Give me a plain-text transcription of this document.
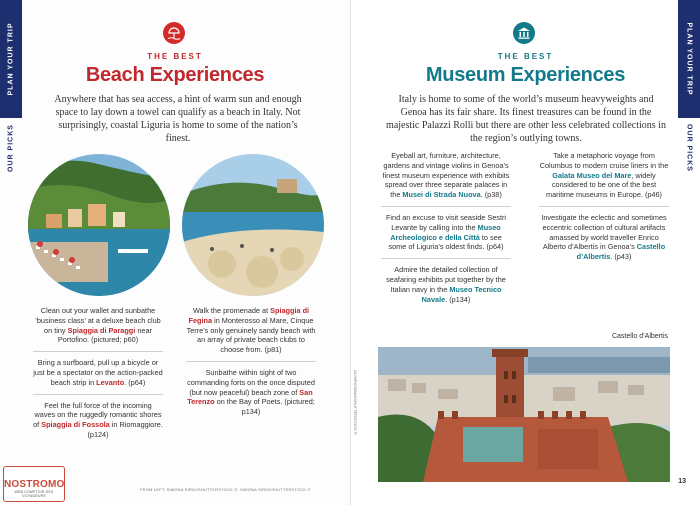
PLAN YOUR TRIP
OUR PICKS
THE BEST
Beach Experiences
Anywhere that has sea access, a hint of warm sun and enough space to lay down a towel can qualify as a beach in Italy. Not surprisingly, coastal Liguria is home to some of the nation’s finest.
Clean out your wallet and sunbathe ‘business class’ at a deluxe beach club on tiny Spiaggia di Paraggi near Portofino. (pictured; p60)
Bring a surfboard, pull up a bicycle or just be a spectator on the action-packed beach strip in Levanto. (p64)
Feel the full force of the incoming waves on the ruggedly romantic shores of Spiaggia di Fossola in Riomaggiore. (p124)
Walk the promenade at Spiaggia di Fegina in Monterosso al Mare, Cinque Terre’s only genuinely sandy beach with an array of private beach clubs to choose from. (p81)
Sunbathe within sight of two commanding forts on the once disputed (but now peaceful) beach zone of San Terenzo on the Bay of Poets. (pictured; p134)
FROM LEFT: SIMONA SIRIO/SHUTTERSTOCK ©; SIMONA SIRIO/SHUTTERSTOCK ©
NOSTROMO
WEB COMPTOIR DES VOYAGEURS
PLAN YOUR TRIP
OUR PICKS
THE BEST
Museum Experiences
Italy is home to some of the world’s museum heavyweights and Genoa has its fair share. Its finest treasures can be found in the majestic Palazzi Rolli but there are other less celebrated collections in the region’s outlying towns.
Eyeball art, furniture, architecture, gardens and vintage violins in Genoa’s finest museum experience with exhibits spread over three separate palaces in the Musei di Strada Nuova. (p38)
Find an excuse to visit seaside Sestri Levante by calling into the Museo Archeologico e della Città to see some of Liguria’s oldest finds. (p64)
Admire the detailed collection of seafaring exhibits put together by the Italian navy in the Museo Tecnico Navale. (p134)
Take a metaphoric voyage from Columbus to modern cruise liners in the Galata Museo del Mare, widely considered to be one of the best maritime museums in Europe. (p46)
Investigate the eclectic and sometimes eccentric collection of cultural artifacts amassed by world traveller Enrico Alberto d’Albertis in Genoa’s Castello d’Albertis. (p43)
Castello d’Albertis
OLIMPIOIMMA/SHUTTERSTOCK ©
13
